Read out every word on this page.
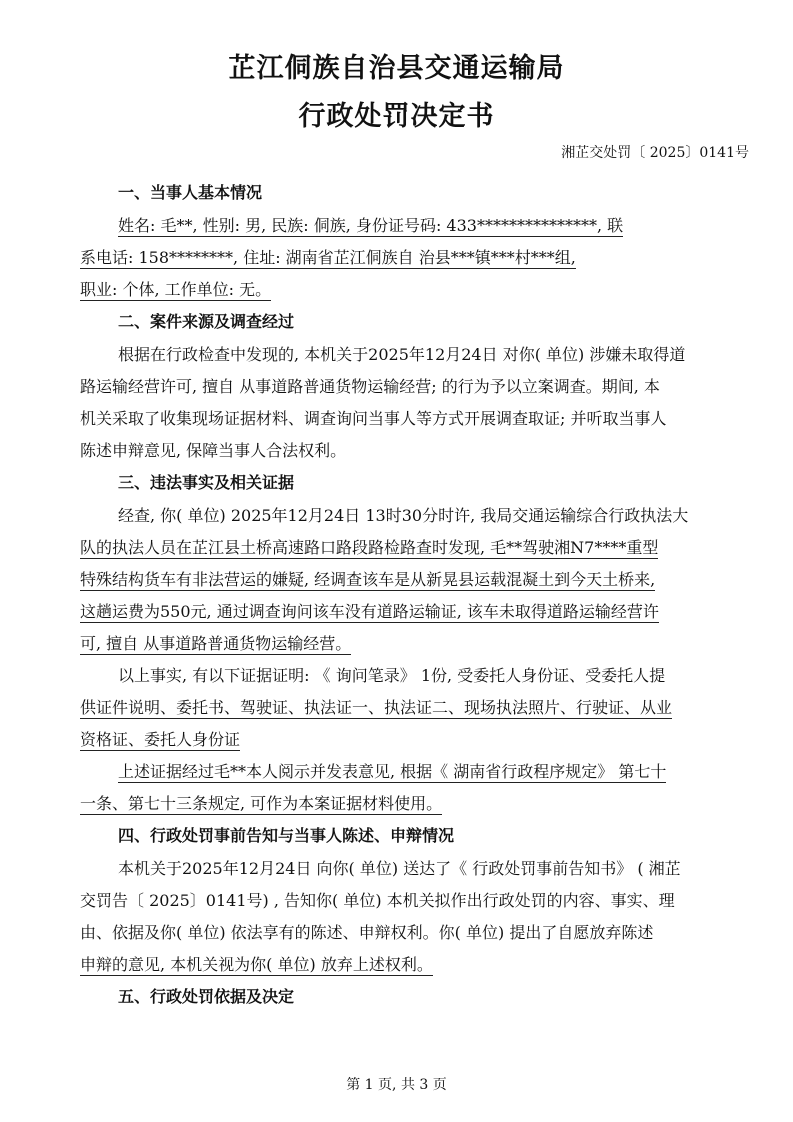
芷江侗族自治县交通运输局
行政处罚决定书
湘芷交处罚〔 2025〕0141号
一、当事人基本情况
姓名: 毛**, 性别: 男, 民族: 侗族, 身份证号码: 433***************, 联
系电话: 158********, 住址: 湖南省芷江侗族自 治县***镇***村***组,
职业: 个体, 工作单位: 无。
二、案件来源及调查经过
根据在行政检查中发现的, 本机关于2025年12月24日 对你( 单位) 涉嫌未取得道
路运输经营许可, 擅自 从事道路普通货物运输经营; 的行为予以立案调查。期间, 本
机关采取了收集现场证据材料、调查询问当事人等方式开展调查取证; 并听取当事人
陈述申辩意见, 保障当事人合法权利。
三、违法事实及相关证据
经查, 你( 单位) 2025年12月24日 13时30分时许, 我局交通运输综合行政执法大
队的执法人员在芷江县土桥高速路口路段路检路查时发现, 毛**驾驶湘N7****重型
特殊结构货车有非法营运的嫌疑, 经调查该车是从新晃县运载混凝土到今天土桥来,
这趟运费为550元, 通过调查询问该车没有道路运输证, 该车未取得道路运输经营许
可, 擅自 从事道路普通货物运输经营。
以上事实, 有以下证据证明: 《 询问笔录》 1份, 受委托人身份证、受委托人提
供证件说明、委托书、驾驶证、执法证一、执法证二、现场执法照片、行驶证、从业
资格证、委托人身份证
上述证据经过毛**本人阅示并发表意见, 根据《 湖南省行政程序规定》 第七十
一条、第七十三条规定, 可作为本案证据材料使用。
四、行政处罚事前告知与当事人陈述、申辩情况
本机关于2025年12月24日 向你( 单位) 送达了《 行政处罚事前告知书》 ( 湘芷
交罚告〔 2025〕0141号) , 告知你( 单位) 本机关拟作出行政处罚的内容、事实、理
由、依据及你( 单位) 依法享有的陈述、申辩权利。你( 单位) 提出了自愿放弃陈述
申辩的意见, 本机关视为你( 单位) 放弃上述权利。
五、行政处罚依据及决定
第 1 页, 共 3 页
